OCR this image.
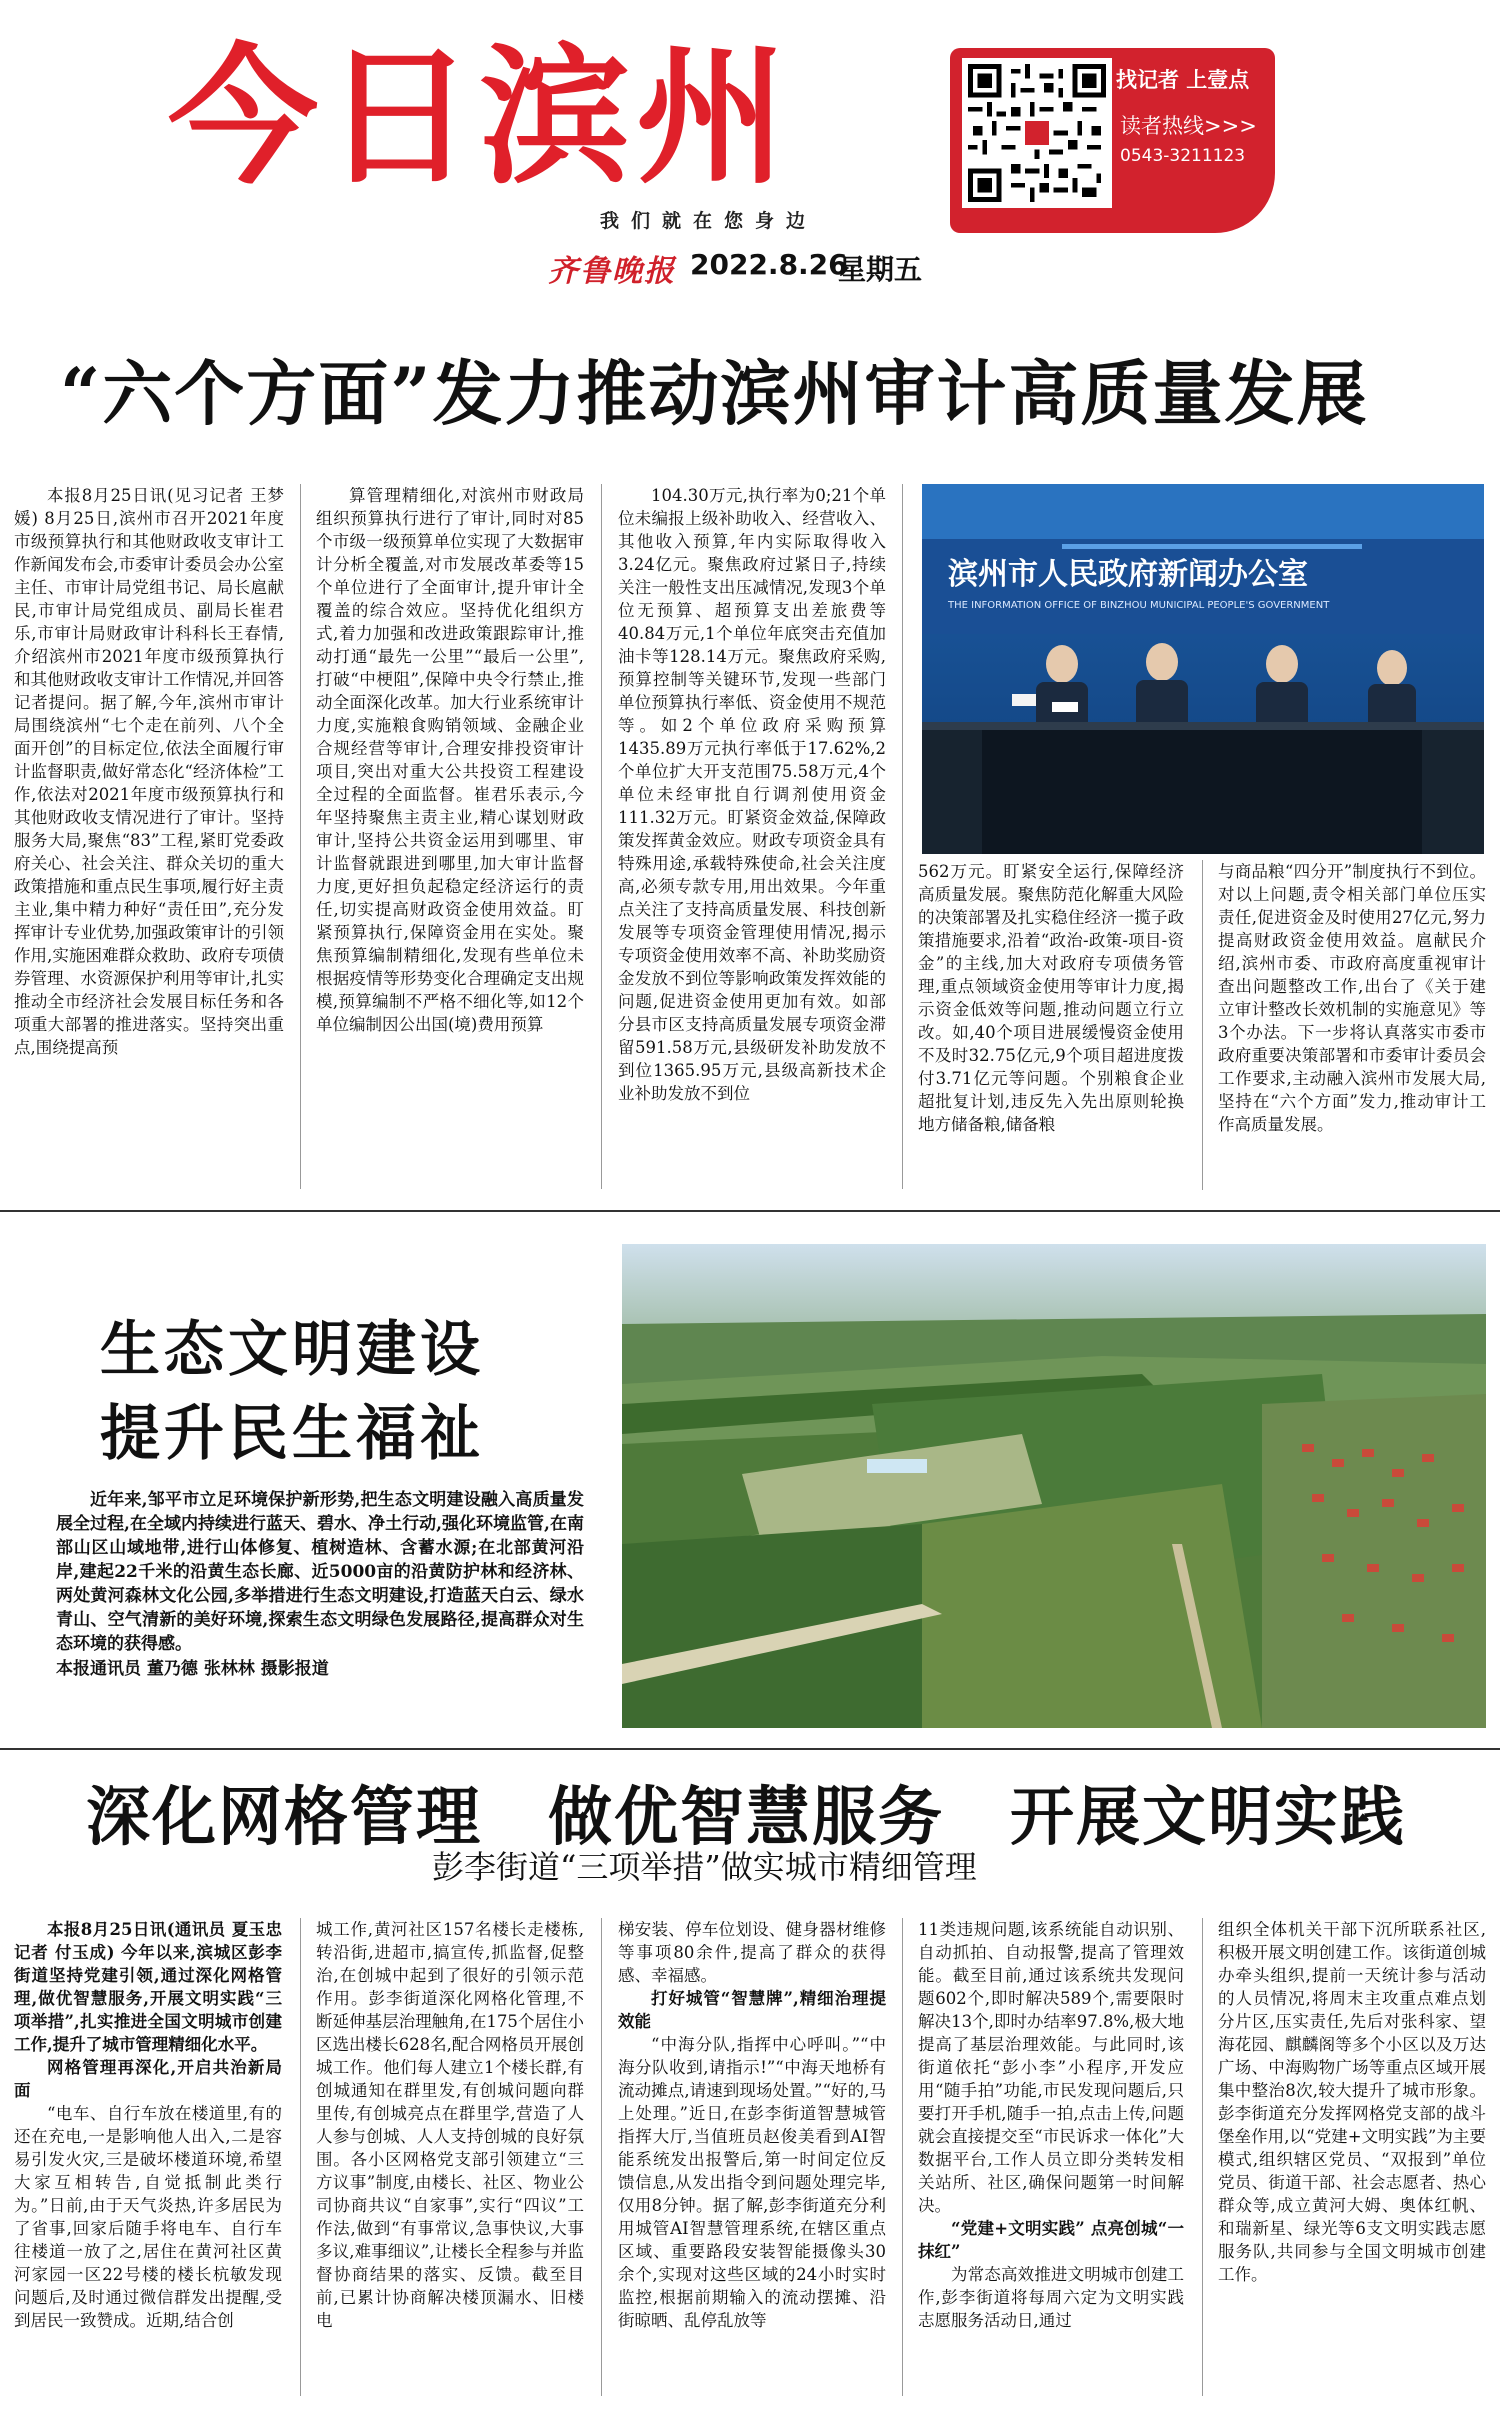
今日滨州
我们就在您身边
齐鲁晚报 2022.8.26
星期五
找记者 上壹点
读者热线>>>
0543-3211123
“六个方面”发力推动滨州审计高质量发展

本报8月25日讯(见习记者 王梦媛) 8月25日,滨州市召开2021年度市级预算执行和其他财政收支审计工作新闻发布会,市委审计委员会办公室主任、市审计局党组书记、局长扈献民,市审计局党组成员、副局长崔君乐,市审计局财政审计科科长王春情,介绍滨州市2021年度市级预算执行和其他财政收支审计工作情况,并回答记者提问。据了解,今年,滨州市审计局围绕滨州“七个走在前列、八个全面开创”的目标定位,依法全面履行审计监督职责,做好常态化“经济体检”工作,依法对2021年度市级预算执行和其他财政收支情况进行了审计。坚持服务大局,聚焦“83”工程,紧盯党委政府关心、社会关注、群众关切的重大政策措施和重点民生事项,履行好主责主业,集中精力种好“责任田”,充分发挥审计专业优势,加强政策审计的引领作用,实施困难群众救助、政府专项债券管理、水资源保护利用等审计,扎实推动全市经济社会发展目标任务和各项重大部署的推进落实。坚持突出重点,围绕提高预

算管理精细化,对滨州市财政局组织预算执行进行了审计,同时对85个市级一级预算单位实现了大数据审计分析全覆盖,对市发展改革委等15个单位进行了全面审计,提升审计全覆盖的综合效应。坚持优化组织方式,着力加强和改进政策跟踪审计,推动打通“最先一公里”“最后一公里”,打破“中梗阻”,保障中央令行禁止,推动全面深化改革。加大行业系统审计力度,实施粮食购销领域、金融企业合规经营等审计,合理安排投资审计项目,突出对重大公共投资工程建设全过程的全面监督。崔君乐表示,今年坚持聚焦主责主业,精心谋划财政审计,坚持公共资金运用到哪里、审计监督就跟进到哪里,加大审计监督力度,更好担负起稳定经济运行的责任,切实提高财政资金使用效益。盯紧预算执行,保障资金用在实处。聚焦预算编制精细化,发现有些单位未根据疫情等形势变化合理确定支出规模,预算编制不严格不细化等,如12个单位编制因公出国(境)费用预算

104.30万元,执行率为0;21个单位未编报上级补助收入、经营收入、其他收入预算,年内实际取得收入3.24亿元。聚焦政府过紧日子,持续关注一般性支出压减情况,发现3个单位无预算、超预算支出差旅费等40.84万元,1个单位年底突击充值加油卡等128.14万元。聚焦政府采购,预算控制等关键环节,发现一些部门单位预算执行率低、资金使用不规范等。如2个单位政府采购预算1435.89万元执行率低于17.62%,2个单位扩大开支范围75.58万元,4个单位未经审批自行调剂使用资金111.32万元。盯紧资金效益,保障政策发挥黄金效应。财政专项资金具有特殊用途,承载特殊使命,社会关注度高,必须专款专用,用出效果。今年重点关注了支持高质量发展、科技创新发展等专项资金管理使用情况,揭示专项资金使用效率不高、补助奖励资金发放不到位等影响政策发挥效能的问题,促进资金使用更加有效。如部分县市区支持高质量发展专项资金滞留591.58万元,县级研发补助发放不到位1365.95万元,县级高新技术企业补助发放不到位

滨州市人民政府新闻办公室
THE INFORMATION OFFICE OF BINZHOU MUNICIPAL PEOPLE'S GOVERNMENT

562万元。盯紧安全运行,保障经济高质量发展。聚焦防范化解重大风险的决策部署及扎实稳住经济一揽子政策措施要求,沿着“政治-政策-项目-资金”的主线,加大对政府专项债务管理,重点领域资金使用等审计力度,揭示资金低效等问题,推动问题立行立改。如,40个项目进展缓慢资金使用不及时32.75亿元,9个项目超进度拨付3.71亿元等问题。个别粮食企业超批复计划,违反先入先出原则轮换地方储备粮,储备粮

与商品粮“四分开”制度执行不到位。对以上问题,责令相关部门单位压实责任,促进资金及时使用27亿元,努力提高财政资金使用效益。扈献民介绍,滨州市委、市政府高度重视审计查出问题整改工作,出台了《关于建立审计整改长效机制的实施意见》等3个办法。下一步将认真落实市委市政府重要决策部署和市委审计委员会工作要求,主动融入滨州市发展大局,坚持在“六个方面”发力,推动审计工作高质量发展。

生态文明建设
提升民生福祉

近年来,邹平市立足环境保护新形势,把生态文明建设融入高质量发展全过程,在全域内持续进行蓝天、碧水、净土行动,强化环境监管,在南部山区山域地带,进行山体修复、植树造林、含蓄水源;在北部黄河沿岸,建起22千米的沿黄生态长廊、近5000亩的沿黄防护林和经济林、两处黄河森林文化公园,多举措进行生态文明建设,打造蓝天白云、绿水青山、空气清新的美好环境,探索生态文明绿色发展路径,提高群众对生态环境的获得感。

本报通讯员 董乃德 张林林 摄影报道
深化网格管理　做优智慧服务　开展文明实践
彭李街道“三项举措”做实城市精细管理

本报8月25日讯(通讯员 夏玉忠 记者 付玉成) 今年以来,滨城区彭李街道坚持党建引领,通过深化网格管理,做优智慧服务,开展文明实践“三项举措”,扎实推进全国文明城市创建工作,提升了城市管理精细化水平。

网格管理再深化,开启共治新局面

“电车、自行车放在楼道里,有的还在充电,一是影响他人出入,二是容易引发火灾,三是破坏楼道环境,希望大家互相转告,自觉抵制此类行为。”日前,由于天气炎热,许多居民为了省事,回家后随手将电车、自行车往楼道一放了之,居住在黄河社区黄河家园一区22号楼的楼长杭敏发现问题后,及时通过微信群发出提醒,受到居民一致赞成。近期,结合创

城工作,黄河社区157名楼长走楼栋,转沿街,进超市,搞宣传,抓监督,促整治,在创城中起到了很好的引领示范作用。彭李街道深化网格化管理,不断延伸基层治理触角,在175个居住小区选出楼长628名,配合网格员开展创城工作。他们每人建立1个楼长群,有创城通知在群里发,有创城问题向群里传,有创城亮点在群里学,营造了人人参与创城、人人支持创城的良好氛围。各小区网格党支部引领建立“三方议事”制度,由楼长、社区、物业公司协商共议“自家事”,实行“四议”工作法,做到“有事常议,急事快议,大事多议,难事细议”,让楼长全程参与并监督协商结果的落实、反馈。截至目前,已累计协商解决楼顶漏水、旧楼电

梯安装、停车位划设、健身器材维修等事项80余件,提高了群众的获得感、幸福感。

打好城管“智慧牌”,精细治理提效能

“中海分队,指挥中心呼叫。”“中海分队收到,请指示!”“中海天地桥有流动摊点,请速到现场处置。”“好的,马上处理。”近日,在彭李街道智慧城管指挥大厅,当值班员赵俊美看到AI智能系统发出报警后,第一时间定位反馈信息,从发出指令到问题处理完毕,仅用8分钟。据了解,彭李街道充分利用城管AI智慧管理系统,在辖区重点区域、重要路段安装智能摄像头30余个,实现对这些区域的24小时实时监控,根据前期输入的流动摆摊、沿街晾晒、乱停乱放等

11类违规问题,该系统能自动识别、自动抓拍、自动报警,提高了管理效能。截至目前,通过该系统共发现问题602个,即时解决589个,需要限时解决13个,即时办结率97.8%,极大地提高了基层治理效能。与此同时,该街道依托“彭小李”小程序,开发应用“随手拍”功能,市民发现问题后,只要打开手机,随手一拍,点击上传,问题就会直接提交至“市民诉求一体化”大数据平台,工作人员立即分类转发相关站所、社区,确保问题第一时间解决。

“党建+文明实践” 点亮创城“一抹红”

为常态高效推进文明城市创建工作,彭李街道将每周六定为文明实践志愿服务活动日,通过

组织全体机关干部下沉所联系社区,积极开展文明创建工作。该街道创城办牵头组织,提前一天统计参与活动的人员情况,将周末主攻重点难点划分片区,压实责任,先后对张科家、望海花园、麒麟阁等多个小区以及万达广场、中海购物广场等重点区域开展集中整治8次,较大提升了城市形象。彭李街道充分发挥网格党支部的战斗堡垒作用,以“党建+文明实践”为主要模式,组织辖区党员、“双报到”单位党员、街道干部、社会志愿者、热心群众等,成立黄河大姆、奥体红帆、和瑞新星、绿光等6支文明实践志愿服务队,共同参与全国文明城市创建工作。
